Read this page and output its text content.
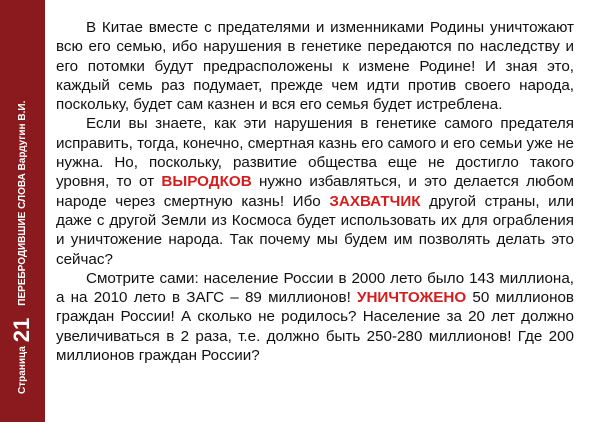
Страница
21
ПЕРЕБРОДИВШИЕ СЛОВА Вардугин В.И.

В Китае вместе с предателями и изменниками Родины уничтожают всю его семью, ибо нарушения в генетике передаются по наследству и его потомки будут предрасположены к измене Родине! И зная это, каждый семь раз подумает, прежде чем идти против своего народа, поскольку, будет сам казнен и вся его семья будет истреблена.

Если вы знаете, как эти нарушения в генетике самого предателя исправить, тогда, конечно, смертная казнь его самого и его семьи уже не нужна. Но, поскольку, развитие общества еще не достигло такого уровня, то от ВЫРОДКОВ нужно избавляться, и это делается любом народе через смертную казнь! Ибо ЗАХВАТЧИК другой страны, или даже с другой Земли из Космоса будет использовать их для ограбления и уничтожение народа. Так почему мы будем им позволять делать это сейчас?

Смотрите сами: население России в 2000 лето было 143 миллиона, а на 2010 лето в ЗАГС – 89 миллионов! УНИЧТОЖЕНО 50 миллионов граждан России! А сколько не родилось? Население за 20 лет должно увеличиваться в 2 раза, т.е. должно быть 250-280 миллионов! Где 200 миллионов граждан России?
